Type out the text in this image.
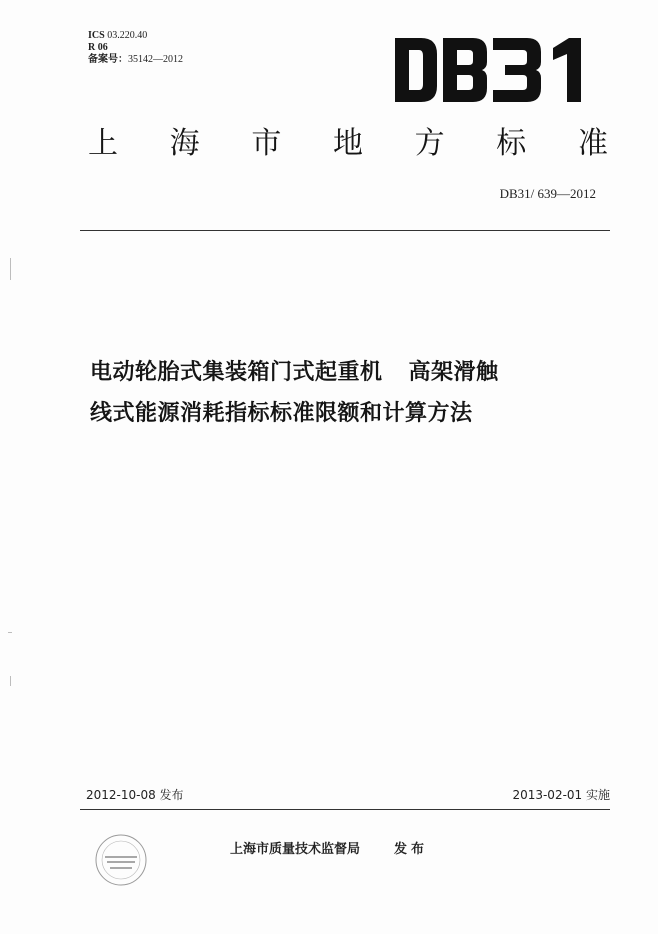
ICS 03.220.40
R 06
备案号：35142—2012
上 海 市 地 方 标 准
DB31/ 639—2012
电动轮胎式集装箱门式起重机 高架滑触
线式能源消耗指标标准限额和计算方法
2012-10-08 发布	2013-02-01 实施
上海市质量技术监督局	发布
